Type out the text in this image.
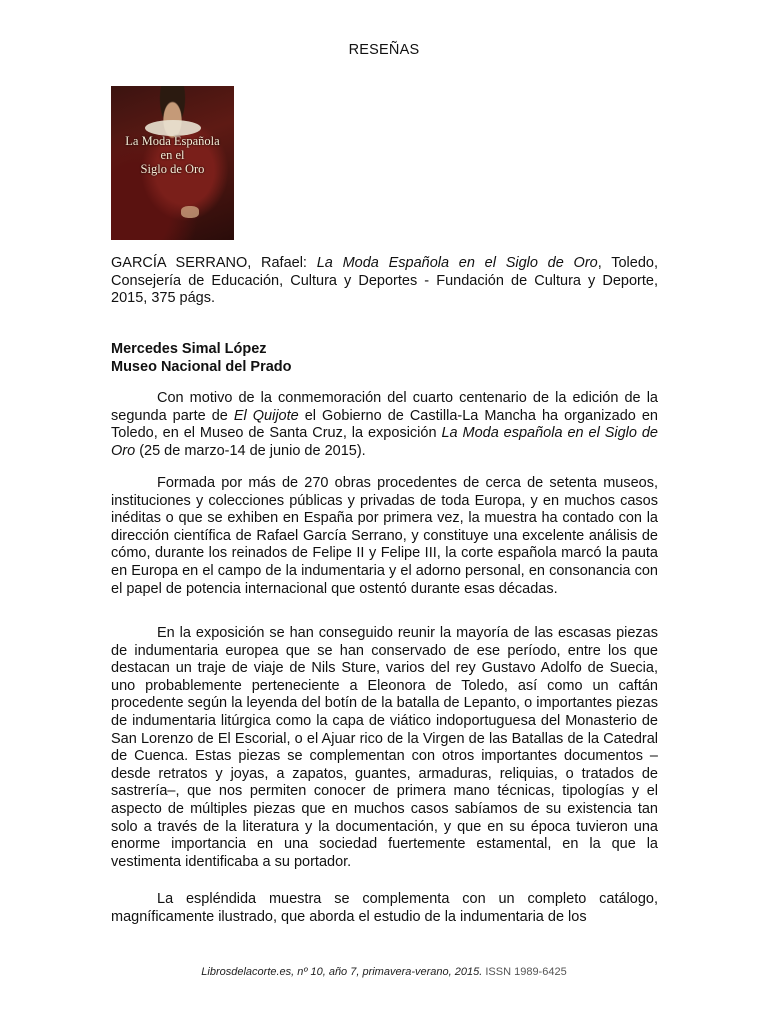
RESEÑAS
La Moda Española
en el
Siglo de Oro

GARCÍA SERRANO, Rafael: La Moda Española en el Siglo de Oro, Toledo, Consejería de Educación, Cultura y Deportes - Fundación de Cultura y Deporte, 2015, 375 págs.

Mercedes Simal López
Museo Nacional del Prado

Con motivo de la conmemoración del cuarto centenario de la edición de la segunda parte de El Quijote el Gobierno de Castilla-La Mancha ha organizado en Toledo, en el Museo de Santa Cruz, la exposición La Moda española en el Siglo de Oro (25 de marzo-14 de junio de 2015).

Formada por más de 270 obras procedentes de cerca de setenta museos, instituciones y colecciones públicas y privadas de toda Europa, y en muchos casos inéditas o que se exhiben en España por primera vez, la muestra ha contado con la dirección científica de Rafael García Serrano, y constituye una excelente análisis de cómo, durante los reinados de Felipe II y Felipe III, la corte española marcó la pauta en Europa en el campo de la indumentaria y el adorno personal, en consonancia con el papel de potencia internacional que ostentó durante esas décadas.

En la exposición se han conseguido reunir la mayoría de las escasas piezas de indumentaria europea que se han conservado de ese período, entre los que destacan un traje de viaje de Nils Sture, varios del rey Gustavo Adolfo de Suecia, uno probablemente perteneciente a Eleonora de Toledo, así como un caftán procedente según la leyenda del botín de la batalla de Lepanto, o importantes piezas de indumentaria litúrgica como la capa de viático indoportuguesa del Monasterio de San Lorenzo de El Escorial, o el Ajuar rico de la Virgen de las Batallas de la Catedral de Cuenca. Estas piezas se complementan con otros importantes documentos –desde retratos y joyas, a zapatos, guantes, armaduras, reliquias, o tratados de sastrería–, que nos permiten conocer de primera mano técnicas, tipologías y el aspecto de múltiples piezas que en muchos casos sabíamos de su existencia tan solo a través de la literatura y la documentación, y que en su época tuvieron una enorme importancia en una sociedad fuertemente estamental, en la que la vestimenta identificaba a su portador.

La espléndida muestra se complementa con un completo catálogo, magníficamente ilustrado, que aborda el estudio de la indumentaria de los

Librosdelacorte.es, nº 10, año 7, primavera-verano, 2015. ISSN 1989-6425
